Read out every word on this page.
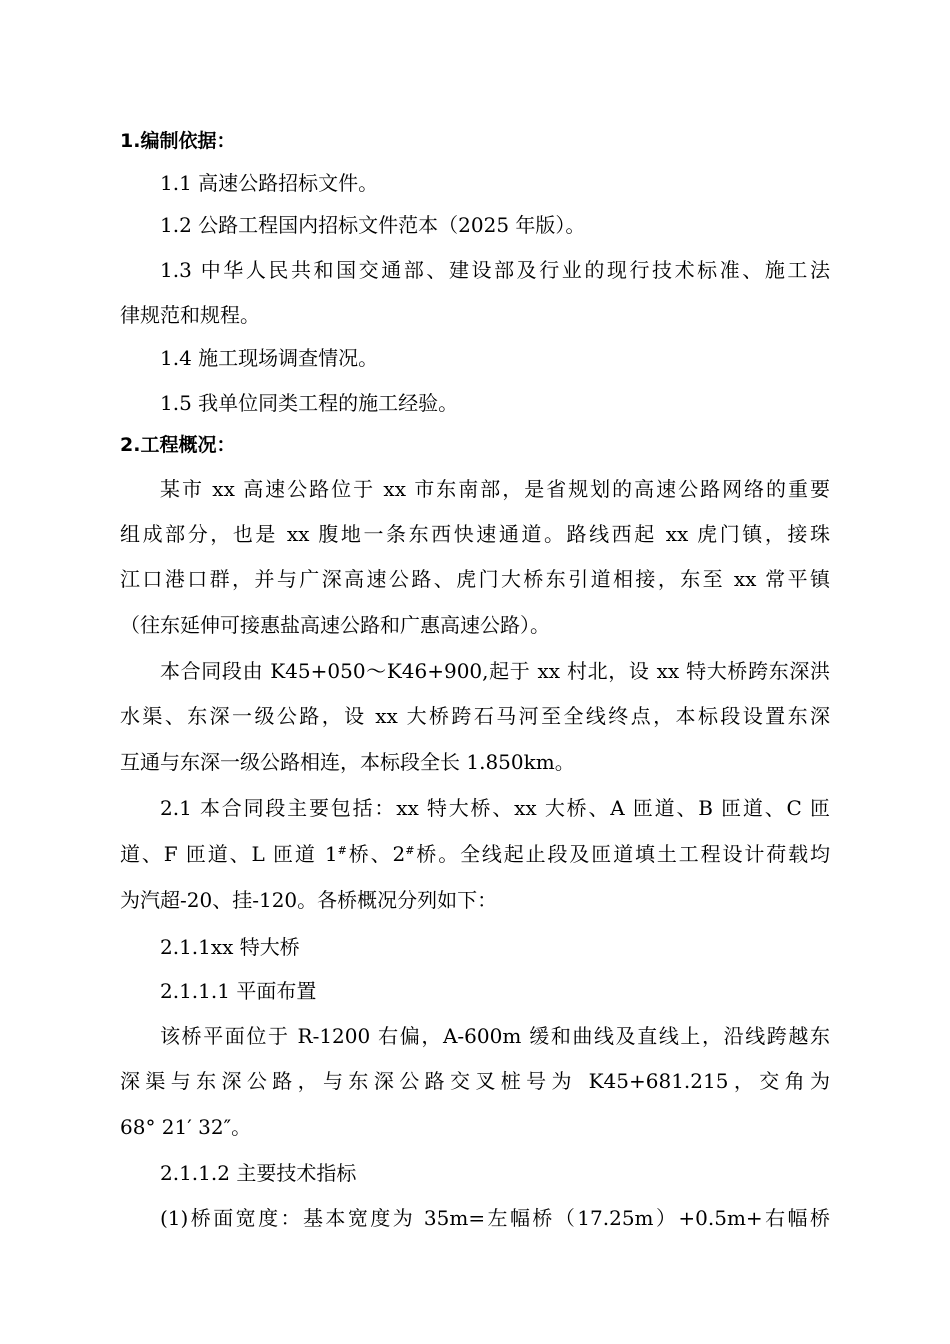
1.编制依据：
1.1 高速公路招标文件。
1.2 公路工程国内招标文件范本（2025 年版）。
1.3 中华人民共和国交通部、建设部及行业的现行技术标准、施工法
律规范和规程。
1.4 施工现场调查情况。
1.5 我单位同类工程的施工经验。
2.工程概况：
某市 xx 高速公路位于 xx 市东南部，是省规划的高速公路网络的重要
组成部分，也是 xx 腹地一条东西快速通道。路线西起 xx 虎门镇，接珠
江口港口群，并与广深高速公路、虎门大桥东引道相接，东至 xx 常平镇
（往东延伸可接惠盐高速公路和广惠高速公路）。
本合同段由 K45+050～K46+900,起于 xx 村北，设 xx 特大桥跨东深洪
水渠、东深一级公路，设 xx 大桥跨石马河至全线终点，本标段设置东深
互通与东深一级公路相连，本标段全长 1.850km。
2.1 本合同段主要包括：xx 特大桥、xx 大桥、A 匝道、B 匝道、C 匝
道、F 匝道、L 匝道 1#桥、2#桥。全线起止段及匝道填土工程设计荷载均
为汽超-20、挂-120。各桥概况分列如下：
2.1.1xx 特大桥
2.1.1.1 平面布置
该桥平面位于 R-1200 右偏，A-600m 缓和曲线及直线上，沿线跨越东
深渠与东深公路，与东深公路交叉桩号为 K45+681.215，交角为
68° 21′ 32″。
2.1.1.2 主要技术指标
(1)桥面宽度：基本宽度为 35m=左幅桥（17.25m）+0.5m+右幅桥
